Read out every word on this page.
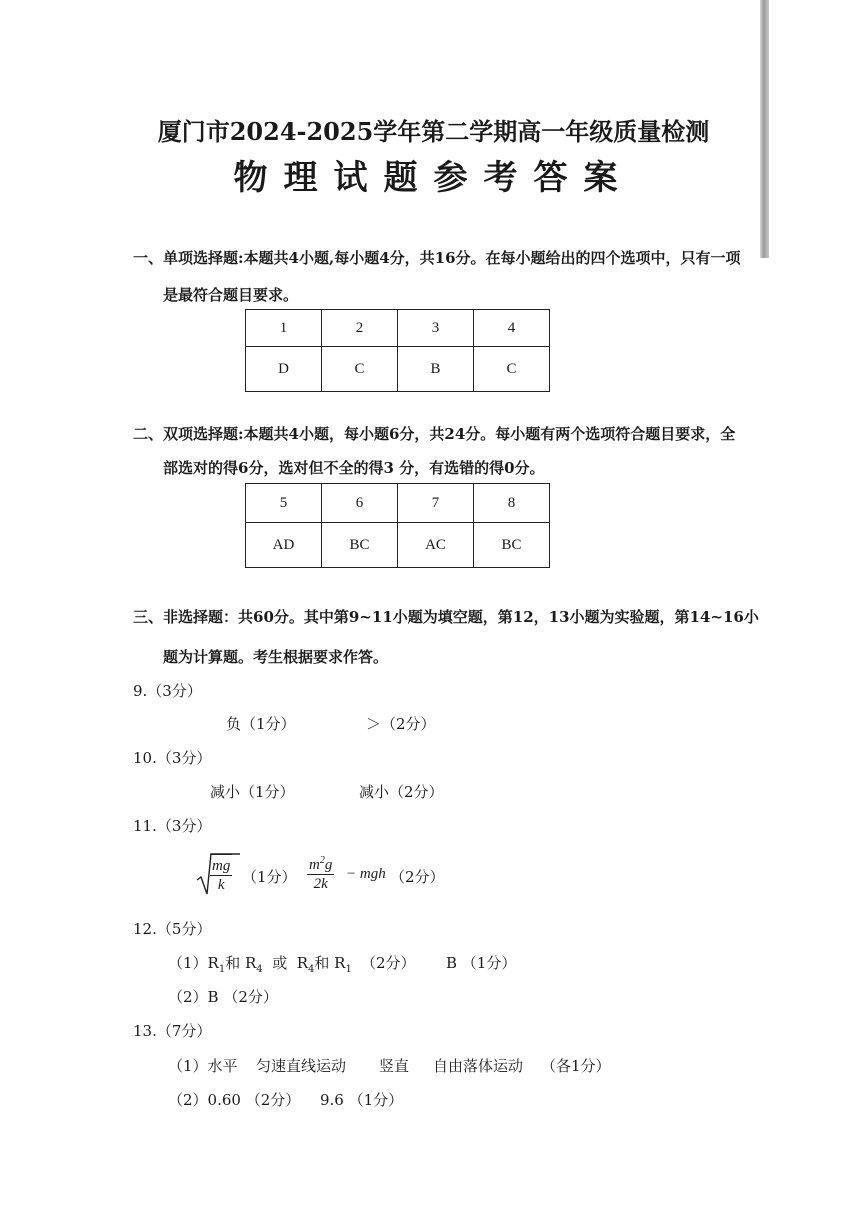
厦门市2024-2025学年第二学期高一年级质量检测
物理试题参考答案
一、单项选择题:本题共4小题,每小题4分，共16分。在每小题给出的四个选项中，只有一项
是最符合题目要求。
1	2	3	4
D	C	B	C
二、双项选择题:本题共4小题，每小题6分，共24分。每小题有两个选项符合题目要求，全
部选对的得6分，选对但不全的得3 分，有选错的得0分。
5	6	7	8
AD	BC	AC	BC
三、非选择题：共60分。其中第9~11小题为填空题，第12，13小题为实验题，第14~16小
题为计算题。考生根据要求作答。
9.（3分）
负（1分）	＞（2分）
10.（3分）
减小（1分）	减小（2分）
11.（3分）
$\frac{mg}{k} (1$分） $\frac{m^2g}{2k}$ − mgh （2分）
12.（5分）
$(1)R_1$和 $R_4$  或  $R_4$和 $R_1$ （2分） B （1分）
（2）B （2分）
13.（7分）
（1）水平 匀速直线运动 竖直 自由落体运动 （各1分）
（2）0.60 （2分） 9.6 （1分）
